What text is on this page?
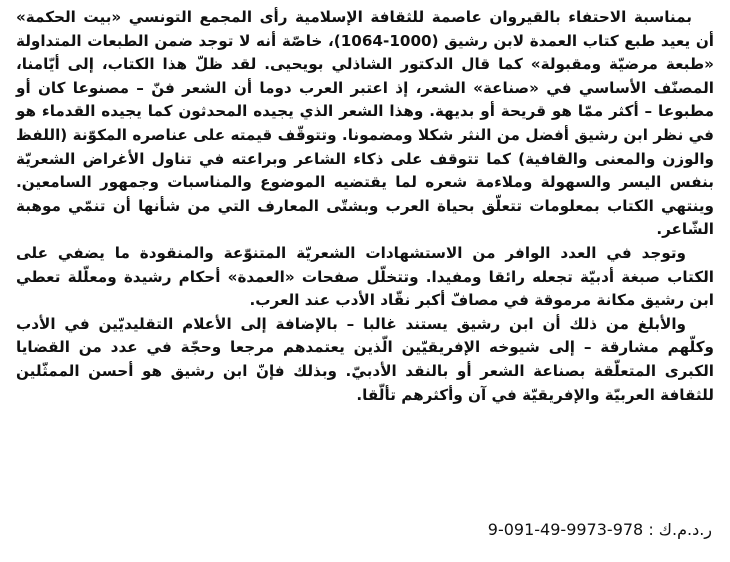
بمناسبة الاحتفاء بالقيروان عاصمة للثقافة الإسلامية رأى المجمع التونسي «بيت الحكمة» أن يعيد طبع كتاب العمدة لابن رشيق (1000-1064)، خاصّة أنه لا توجد ضمن الطبعات المتداولة «طبعة مرضيّة ومقبولة» كما قال الدكتور الشاذلي بويحيى. لقد ظلّ هذا الكتاب، إلى أيّامنا، المصنّف الأساسي في «صناعة» الشعر، إذ اعتبر العرب دوما أن الشعر فنّ – مصنوعا كان أو مطبوعا – أكثر ممّا هو قريحة أو بديهة. وهذا الشعر الذي يجيده المحدثون كما يجيده القدماء هو في نظر ابن رشيق أفضل من النثر شكلا ومضمونا. وتتوقّف قيمته على عناصره المكوّنة (اللفظ والوزن والمعنى والقافية) كما تتوقف على ذكاء الشاعر وبراعته في تناول الأغراض الشعريّة بنفس اليسر والسهولة وملاءمة شعره لما يقتضيه الموضوع والمناسبات وجمهور السامعين. وينتهي الكتاب بمعلومات تتعلّق بحياة العرب وبشتّى المعارف التي من شأنها أن تنمّي موهبة الشّاعر.

وتوجد في العدد الوافر من الاستشهادات الشعريّة المتنوّعة والمنقودة ما يضفي على الكتاب صبغة أدبيّة تجعله رائقا ومفيدا. وتتخلّل صفحات «العمدة» أحكام رشيدة ومعلّلة تعطي ابن رشيق مكانة مرموقة في مصافّ أكبر نقّاد الأدب عند العرب.

والأبلغ من ذلك أن ابن رشيق يستند غالبا – بالإضافة إلى الأعلام التقليديّين في الأدب وكلّهم مشارقة – إلى شيوخه الإفريقيّين الّذين يعتمدهم مرجعا وحجّة في عدد من القضايا الكبرى المتعلّقة بصناعة الشعر أو بالنقد الأدبيّ. وبذلك فإنّ ابن رشيق هو أحسن الممثّلين للثقافة العربيّة والإفريقيّة في آن وأكثرهم تألّقا.

ر.د.م.ك : 978-9973-49-091-9
